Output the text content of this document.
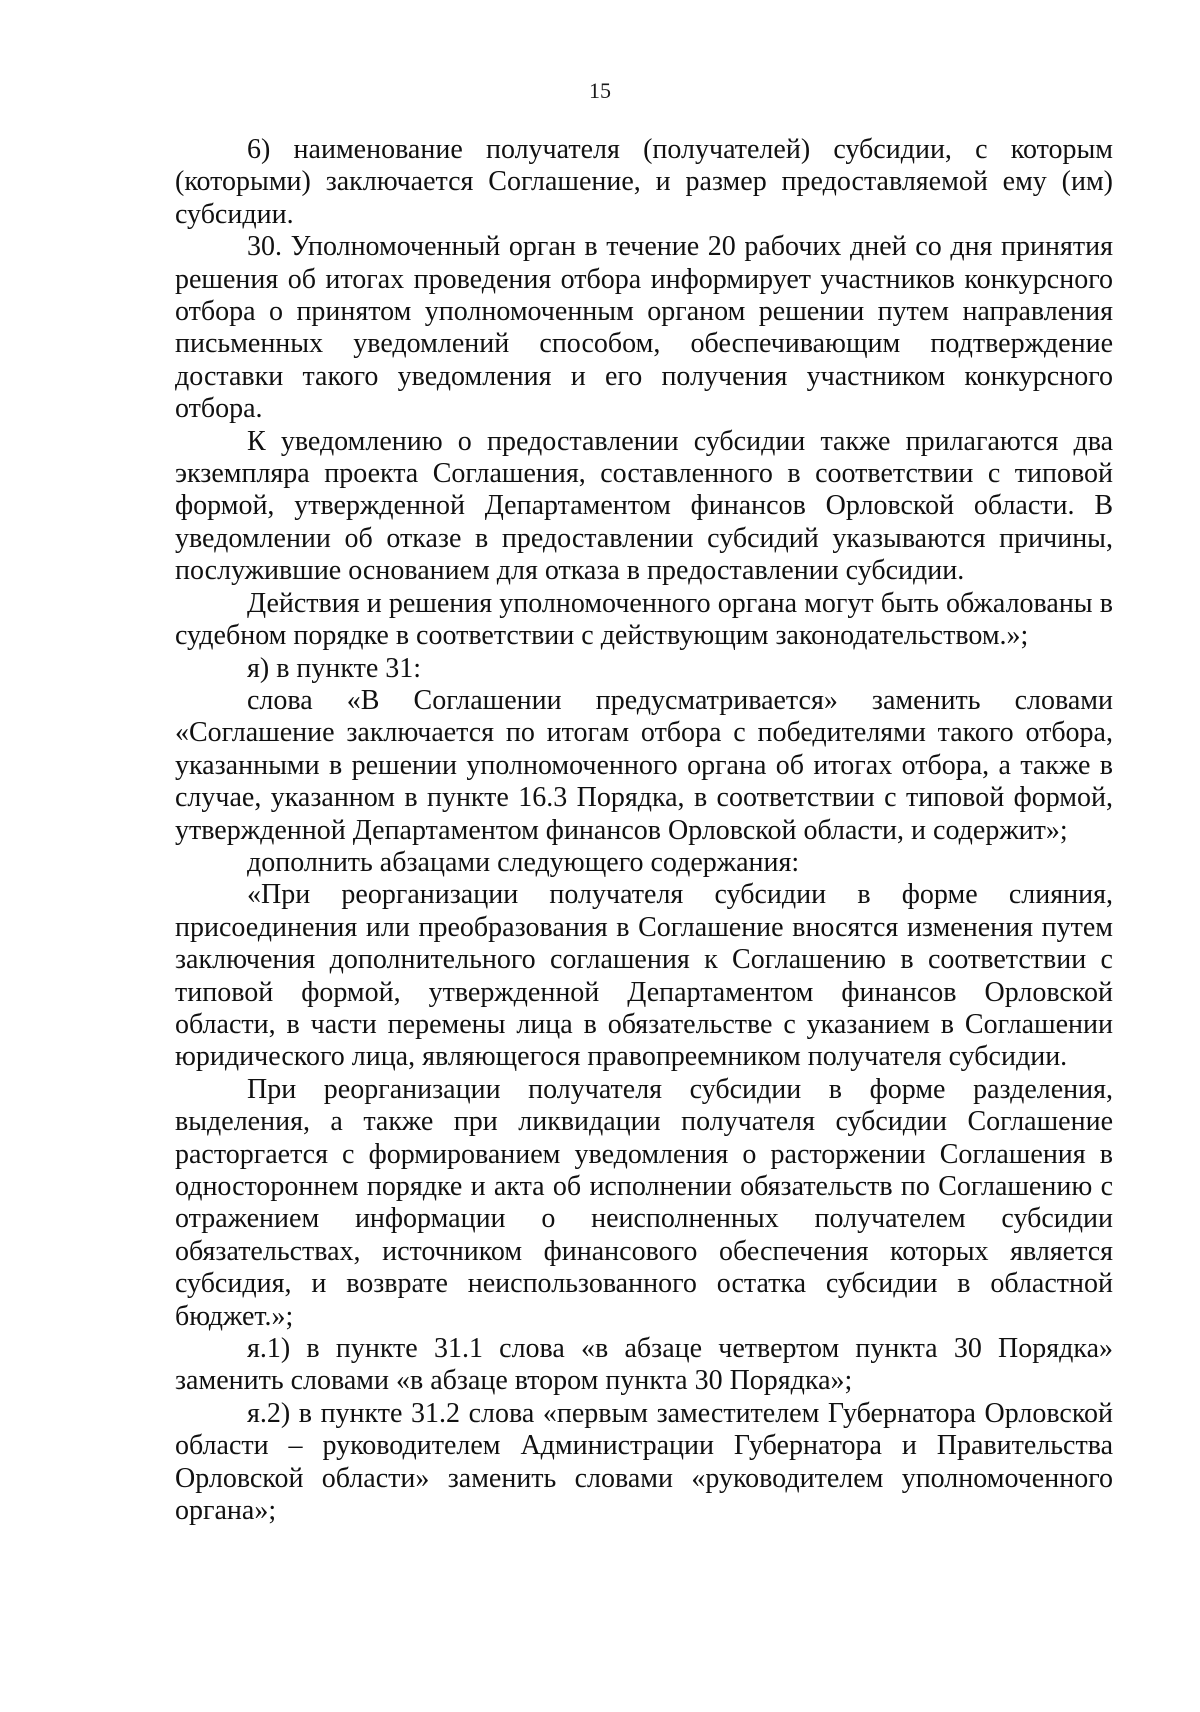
15

6) наименование получателя (получателей) субсидии, с которым (которыми) заключается Соглашение, и размер предоставляемой ему (им) субсидии.

30. Уполномоченный орган в течение 20 рабочих дней со дня принятия решения об итогах проведения отбора информирует участников конкурсного отбора о принятом уполномоченным органом решении путем направления письменных уведомлений способом, обеспечивающим подтверждение доставки такого уведомления и его получения участником конкурсного отбора.

К уведомлению о предоставлении субсидии также прилагаются два экземпляра проекта Соглашения, составленного в соответствии с типовой формой, утвержденной Департаментом финансов Орловской области. В уведомлении об отказе в предоставлении субсидий указываются причины, послужившие основанием для отказа в предоставлении субсидии.

Действия и решения уполномоченного органа могут быть обжалованы в судебном порядке в соответствии с действующим законодательством.»;

я) в пункте 31:

слова «В Соглашении предусматривается» заменить словами «Соглашение заключается по итогам отбора с победителями такого отбора, указанными в решении уполномоченного органа об итогах отбора, а также в случае, указанном в пункте 16.3 Порядка, в соответствии с типовой формой, утвержденной Департаментом финансов Орловской области, и содержит»;

дополнить абзацами следующего содержания:

«При реорганизации получателя субсидии в форме слияния, присоединения или преобразования в Соглашение вносятся изменения путем заключения дополнительного соглашения к Соглашению в соответствии с типовой формой, утвержденной Департаментом финансов Орловской области, в части перемены лица в обязательстве с указанием в Соглашении юридического лица, являющегося правопреемником получателя субсидии.

При реорганизации получателя субсидии в форме разделения, выделения, а также при ликвидации получателя субсидии Соглашение расторгается с формированием уведомления о расторжении Соглашения в одностороннем порядке и акта об исполнении обязательств по Соглашению с отражением информации о неисполненных получателем субсидии обязательствах, источником финансового обеспечения которых является субсидия, и возврате неиспользованного остатка субсидии в областной бюджет.»;

я.1) в пункте 31.1 слова «в абзаце четвертом пункта 30 Порядка» заменить словами «в абзаце втором пункта 30 Порядка»;

я.2) в пункте 31.2 слова «первым заместителем Губернатора Орловской области – руководителем Администрации Губернатора и Правительства Орловской области» заменить словами «руководителем уполномоченного органа»;
